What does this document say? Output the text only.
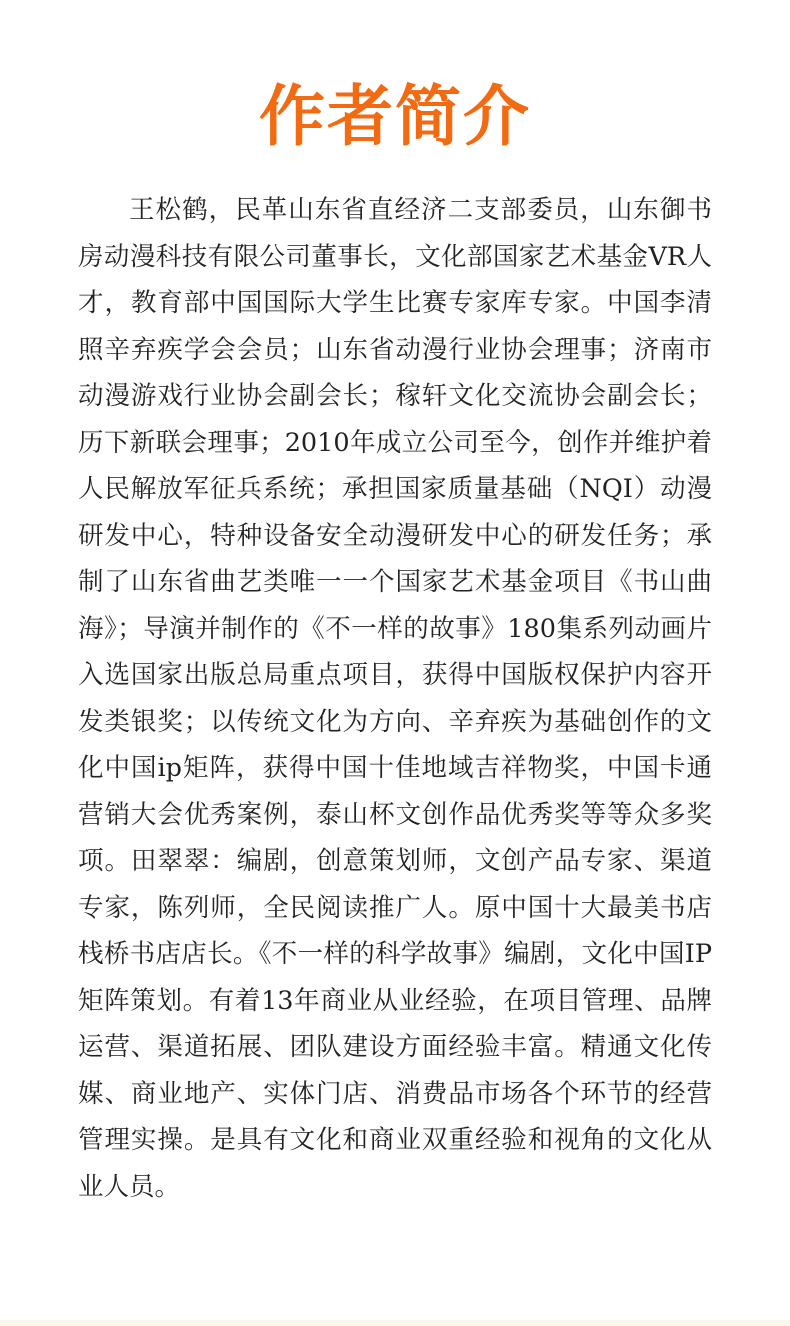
作者简介

王松鹤，民革山东省直经济二支部委员，山东御书房动漫科技有限公司董事长，文化部国家艺术基金VR人才，教育部中国国际大学生比赛专家库专家。中国李清照辛弃疾学会会员；山东省动漫行业协会理事；济南市动漫游戏行业协会副会长；稼轩文化交流协会副会长；历下新联会理事；2010年成立公司至今，创作并维护着人民解放军征兵系统；承担国家质量基础（NQI）动漫研发中心，特种设备安全动漫研发中心的研发任务；承制了山东省曲艺类唯一一个国家艺术基金项目《书山曲海》；导演并制作的《不一样的故事》180集系列动画片入选国家出版总局重点项目，获得中国版权保护内容开发类银奖；以传统文化为方向、辛弃疾为基础创作的文化中国ip矩阵，获得中国十佳地域吉祥物奖，中国卡通营销大会优秀案例，泰山杯文创作品优秀奖等等众多奖项。田翠翠：编剧，创意策划师，文创产品专家、渠道专家，陈列师，全民阅读推广人。原中国十大最美书店栈桥书店店长。《不一样的科学故事》编剧，文化中国IP矩阵策划。有着13年商业从业经验，在项目管理、品牌运营、渠道拓展、团队建设方面经验丰富。精通文化传媒、商业地产、实体门店、消费品市场各个环节的经营管理实操。是具有文化和商业双重经验和视角的文化从业人员。
